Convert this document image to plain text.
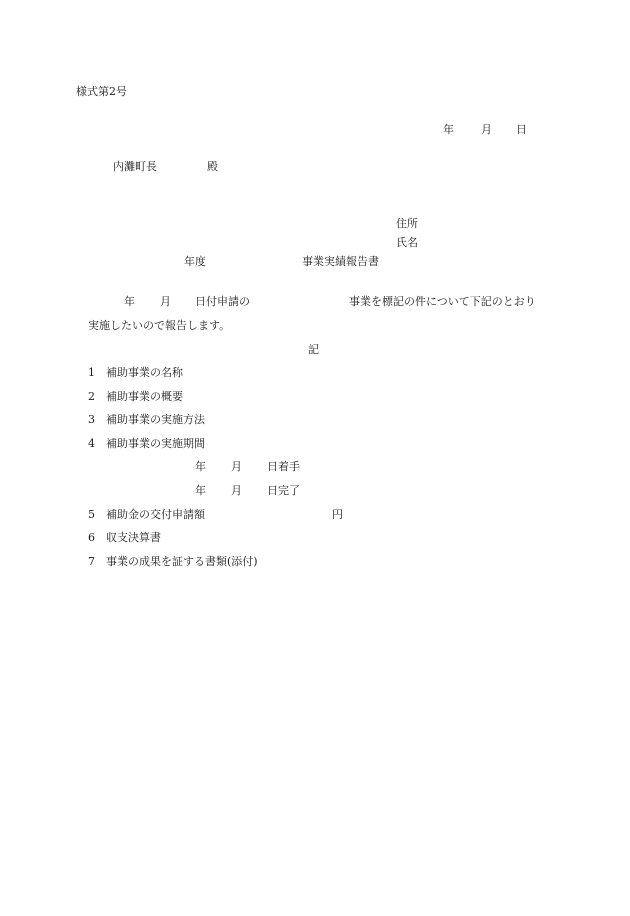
様式第2号
年 月 日
内灘町長	殿
住所
氏名
年度	事業実績報告書
年 月 日付申請の	事業を標記の件について下記のとおり
実施したいので報告します。
記
1 補助事業の名称
2 補助事業の概要
3 補助事業の実施方法
4 補助事業の実施期間
年 月 日着手
年 月 日完了
5 補助金の交付申請額	円
6 収支決算書
7 事業の成果を証する書類(添付)
